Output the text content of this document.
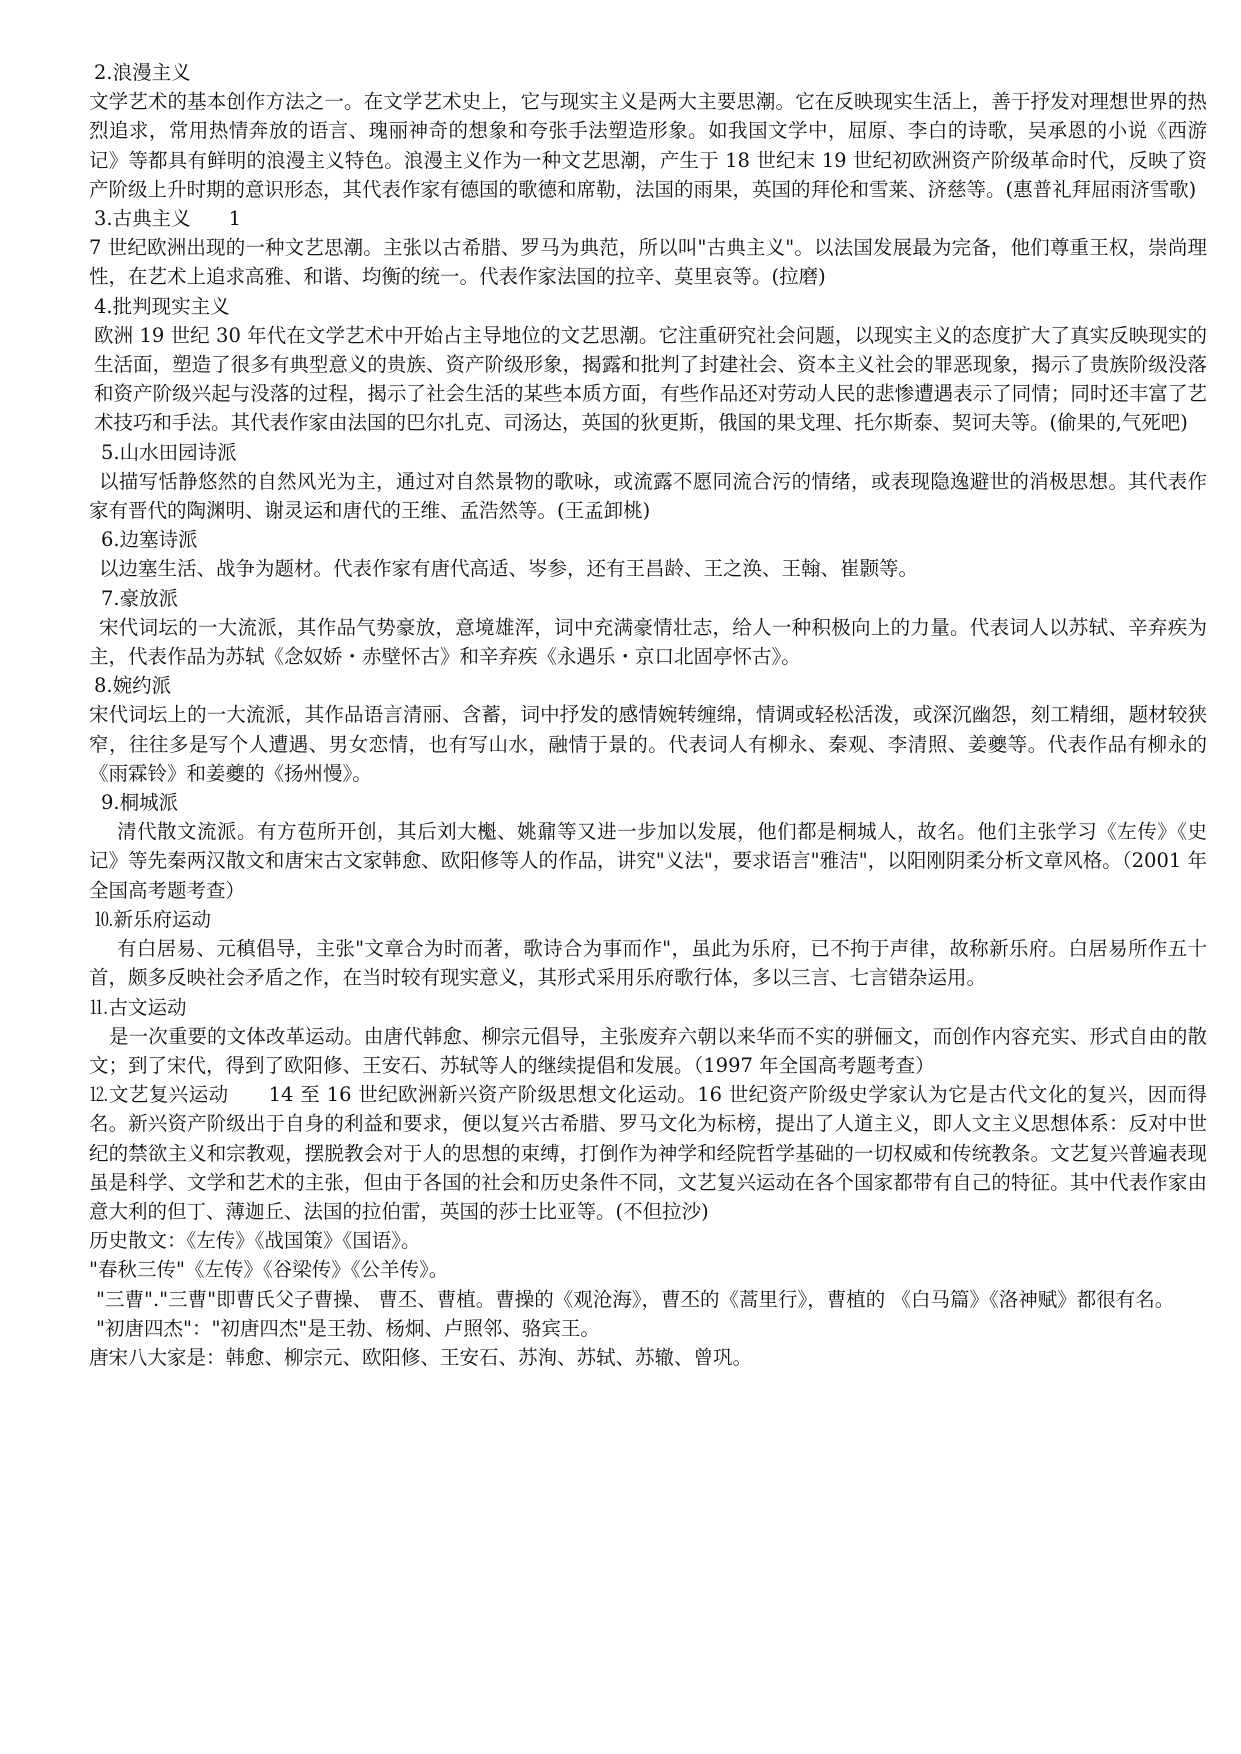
2.浪漫主义
文学艺术的基本创作方法之一。在文学艺术史上，它与现实主义是两大主要思潮。它在反映现实生活上，善于抒发对理想世界的热烈追求，常用热情奔放的语言、瑰丽神奇的想象和夸张手法塑造形象。如我国文学中，屈原、李白的诗歌，吴承恩的小说《西游记》等都具有鲜明的浪漫主义特色。浪漫主义作为一种文艺思潮，产生于 18 世纪末 19 世纪初欧洲资产阶级革命时代，反映了资产阶级上升时期的意识形态，其代表作家有德国的歌德和席勒，法国的雨果，英国的拜伦和雪莱、济慈等。(惠普礼拜屈雨济雪歌)
3.古典主义 1
7 世纪欧洲出现的一种文艺思潮。主张以古希腊、罗马为典范，所以叫"古典主义"。以法国发展最为完备，他们尊重王权，崇尚理性，在艺术上追求高雅、和谐、均衡的统一。代表作家法国的拉辛、莫里哀等。(拉磨)
4.批判现实主义
欧洲 19 世纪 30 年代在文学艺术中开始占主导地位的文艺思潮。它注重研究社会问题，以现实主义的态度扩大了真实反映现实的生活面，塑造了很多有典型意义的贵族、资产阶级形象，揭露和批判了封建社会、资本主义社会的罪恶现象，揭示了贵族阶级没落和资产阶级兴起与没落的过程，揭示了社会生活的某些本质方面，有些作品还对劳动人民的悲惨遭遇表示了同情；同时还丰富了艺术技巧和手法。其代表作家由法国的巴尔扎克、司汤达，英国的狄更斯，俄国的果戈理、托尔斯泰、契诃夫等。(偷果的,气死吧)
5.山水田园诗派
以描写恬静悠然的自然风光为主，通过对自然景物的歌咏，或流露不愿同流合污的情绪，或表现隐逸避世的消极思想。其代表作家有晋代的陶渊明、谢灵运和唐代的王维、孟浩然等。(王孟卸桃)
6.边塞诗派
以边塞生活、战争为题材。代表作家有唐代高适、岑参，还有王昌龄、王之涣、王翰、崔颢等。
7.豪放派
宋代词坛的一大流派，其作品气势豪放，意境雄浑，词中充满豪情壮志，给人一种积极向上的力量。代表词人以苏轼、辛弃疾为主，代表作品为苏轼《念奴娇・赤壁怀古》和辛弃疾《永遇乐・京口北固亭怀古》。
8.婉约派
宋代词坛上的一大流派，其作品语言清丽、含蓄，词中抒发的感情婉转缠绵，情调或轻松活泼，或深沉幽怨，刻工精细，题材较狭窄，往往多是写个人遭遇、男女恋情，也有写山水，融情于景的。代表词人有柳永、秦观、李清照、姜夔等。代表作品有柳永的《雨霖铃》和姜夔的《扬州慢》。
9.桐城派
清代散文流派。有方苞所开创，其后刘大櫆、姚鼐等又进一步加以发展，他们都是桐城人，故名。他们主张学习《左传》《史记》等先秦两汉散文和唐宋古文家韩愈、欧阳修等人的作品，讲究"义法"，要求语言"雅洁"，以阳刚阴柔分析文章风格。（2001 年全国高考题考查）
⒑新乐府运动
有白居易、元稹倡导，主张"文章合为时而著，歌诗合为事而作"，虽此为乐府，已不拘于声律，故称新乐府。白居易所作五十首，颇多反映社会矛盾之作，在当时较有现实意义，其形式采用乐府歌行体，多以三言、七言错杂运用。
⒒古文运动
是一次重要的文体改革运动。由唐代韩愈、柳宗元倡导，主张废弃六朝以来华而不实的骈俪文，而创作内容充实、形式自由的散文；到了宋代，得到了欧阳修、王安石、苏轼等人的继续提倡和发展。（1997 年全国高考题考查）
⒓文艺复兴运动 14 至 16 世纪欧洲新兴资产阶级思想文化运动。16 世纪资产阶级史学家认为它是古代文化的复兴，因而得名。新兴资产阶级出于自身的利益和要求，便以复兴古希腊、罗马文化为标榜，提出了人道主义，即人文主义思想体系：反对中世纪的禁欲主义和宗教观，摆脱教会对于人的思想的束缚，打倒作为神学和经院哲学基础的一切权威和传统教条。文艺复兴普遍表现虽是科学、文学和艺术的主张，但由于各国的社会和历史条件不同，文艺复兴运动在各个国家都带有自己的特征。其中代表作家由意大利的但丁、薄迦丘、法国的拉伯雷，英国的莎士比亚等。(不但拉沙)
历史散文：《左传》《战国策》《国语》。
"春秋三传"《左传》《谷梁传》《公羊传》。
"三曹"."三曹"即曹氏父子曹操、 曹丕、曹植。曹操的《观沧海》，曹丕的《蒿里行》，曹植的 《白马篇》《洛神赋》都很有名。
"初唐四杰"："初唐四杰"是王勃、杨炯、卢照邻、骆宾王。
唐宋八大家是：韩愈、柳宗元、欧阳修、王安石、苏洵、苏轼、苏辙、曾巩。
